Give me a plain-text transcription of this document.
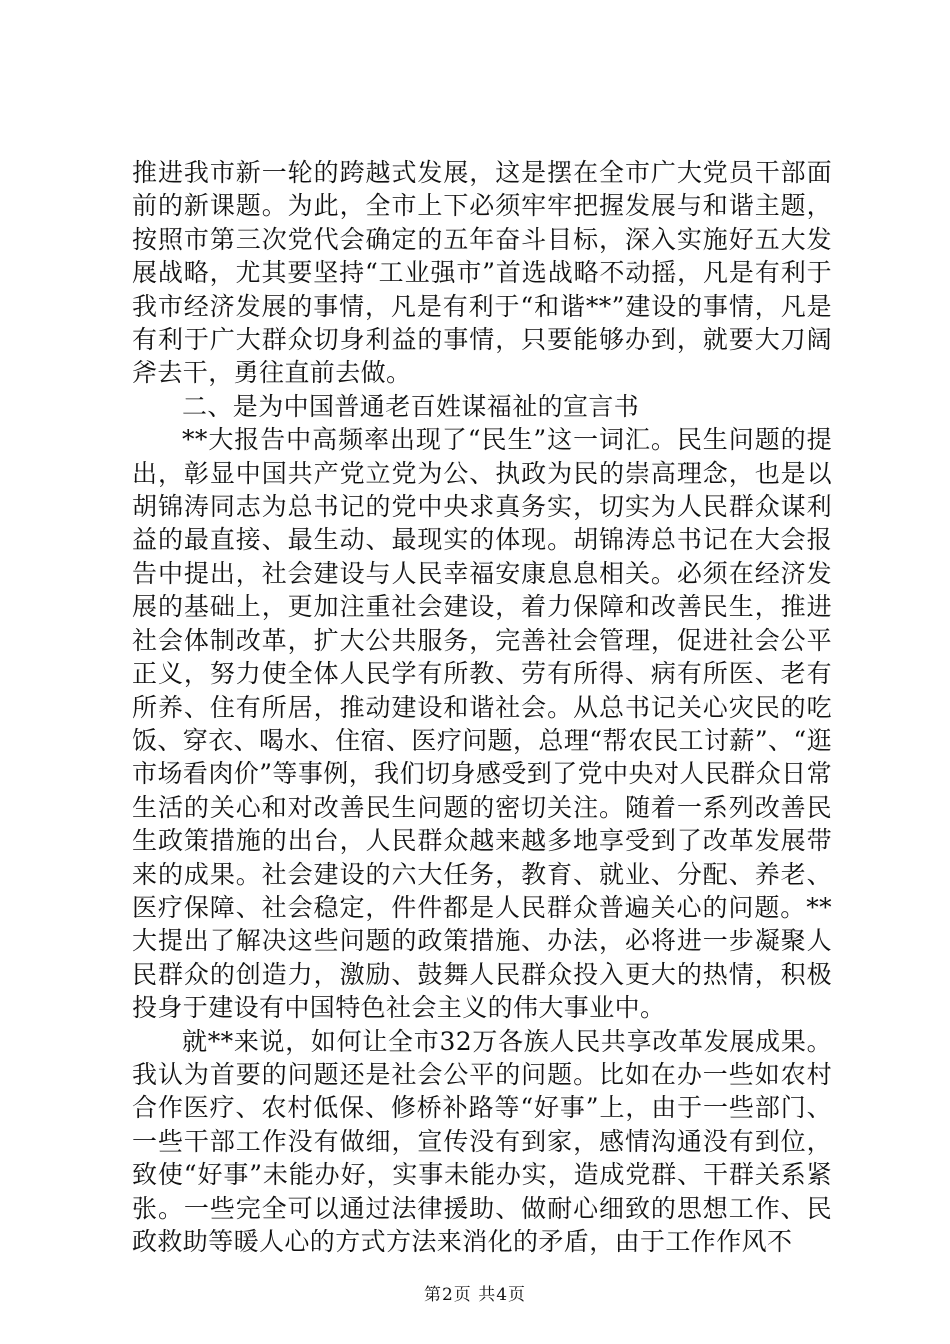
推进我市新一轮的跨越式发展，这是摆在全市广大党员干部面前的新课题。为此，全市上下必须牢牢把握发展与和谐主题，按照市第三次党代会确定的五年奋斗目标，深入实施好五大发展战略，尤其要坚持“工业强市”首选战略不动摇，凡是有利于我市经济发展的事情，凡是有利于“和谐**”建设的事情，凡是有利于广大群众切身利益的事情，只要能够办到，就要大刀阔斧去干，勇往直前去做。

二、是为中国普通老百姓谋福祉的宣言书

**大报告中高频率出现了“民生”这一词汇。民生问题的提出，彰显中国共产党立党为公、执政为民的崇高理念，也是以胡锦涛同志为总书记的党中央求真务实，切实为人民群众谋利益的最直接、最生动、最现实的体现。胡锦涛总书记在大会报告中提出，社会建设与人民幸福安康息息相关。必须在经济发展的基础上，更加注重社会建设，着力保障和改善民生，推进社会体制改革，扩大公共服务，完善社会管理，促进社会公平正义，努力使全体人民学有所教、劳有所得、病有所医、老有所养、住有所居，推动建设和谐社会。从总书记关心灾民的吃饭、穿衣、喝水、住宿、医疗问题，总理“帮农民工讨薪”、“逛市场看肉价”等事例，我们切身感受到了党中央对人民群众日常生活的关心和对改善民生问题的密切关注。随着一系列改善民生政策措施的出台，人民群众越来越多地享受到了改革发展带来的成果。社会建设的六大任务，教育、就业、分配、养老、医疗保障、社会稳定，件件都是人民群众普遍关心的问题。**大提出了解决这些问题的政策措施、办法，必将进一步凝聚人民群众的创造力，激励、鼓舞人民群众投入更大的热情，积极投身于建设有中国特色社会主义的伟大事业中。

就**来说，如何让全市32万各族人民共享改革发展成果。我认为首要的问题还是社会公平的问题。比如在办一些如农村合作医疗、农村低保、修桥补路等“好事”上，由于一些部门、一些干部工作没有做细，宣传没有到家，感情沟通没有到位，致使“好事”未能办好，实事未能办实，造成党群、干群关系紧张。一些完全可以通过法律援助、做耐心细致的思想工作、民政救助等暖人心的方式方法来消化的矛盾，由于工作作风不

第2页 共4页
